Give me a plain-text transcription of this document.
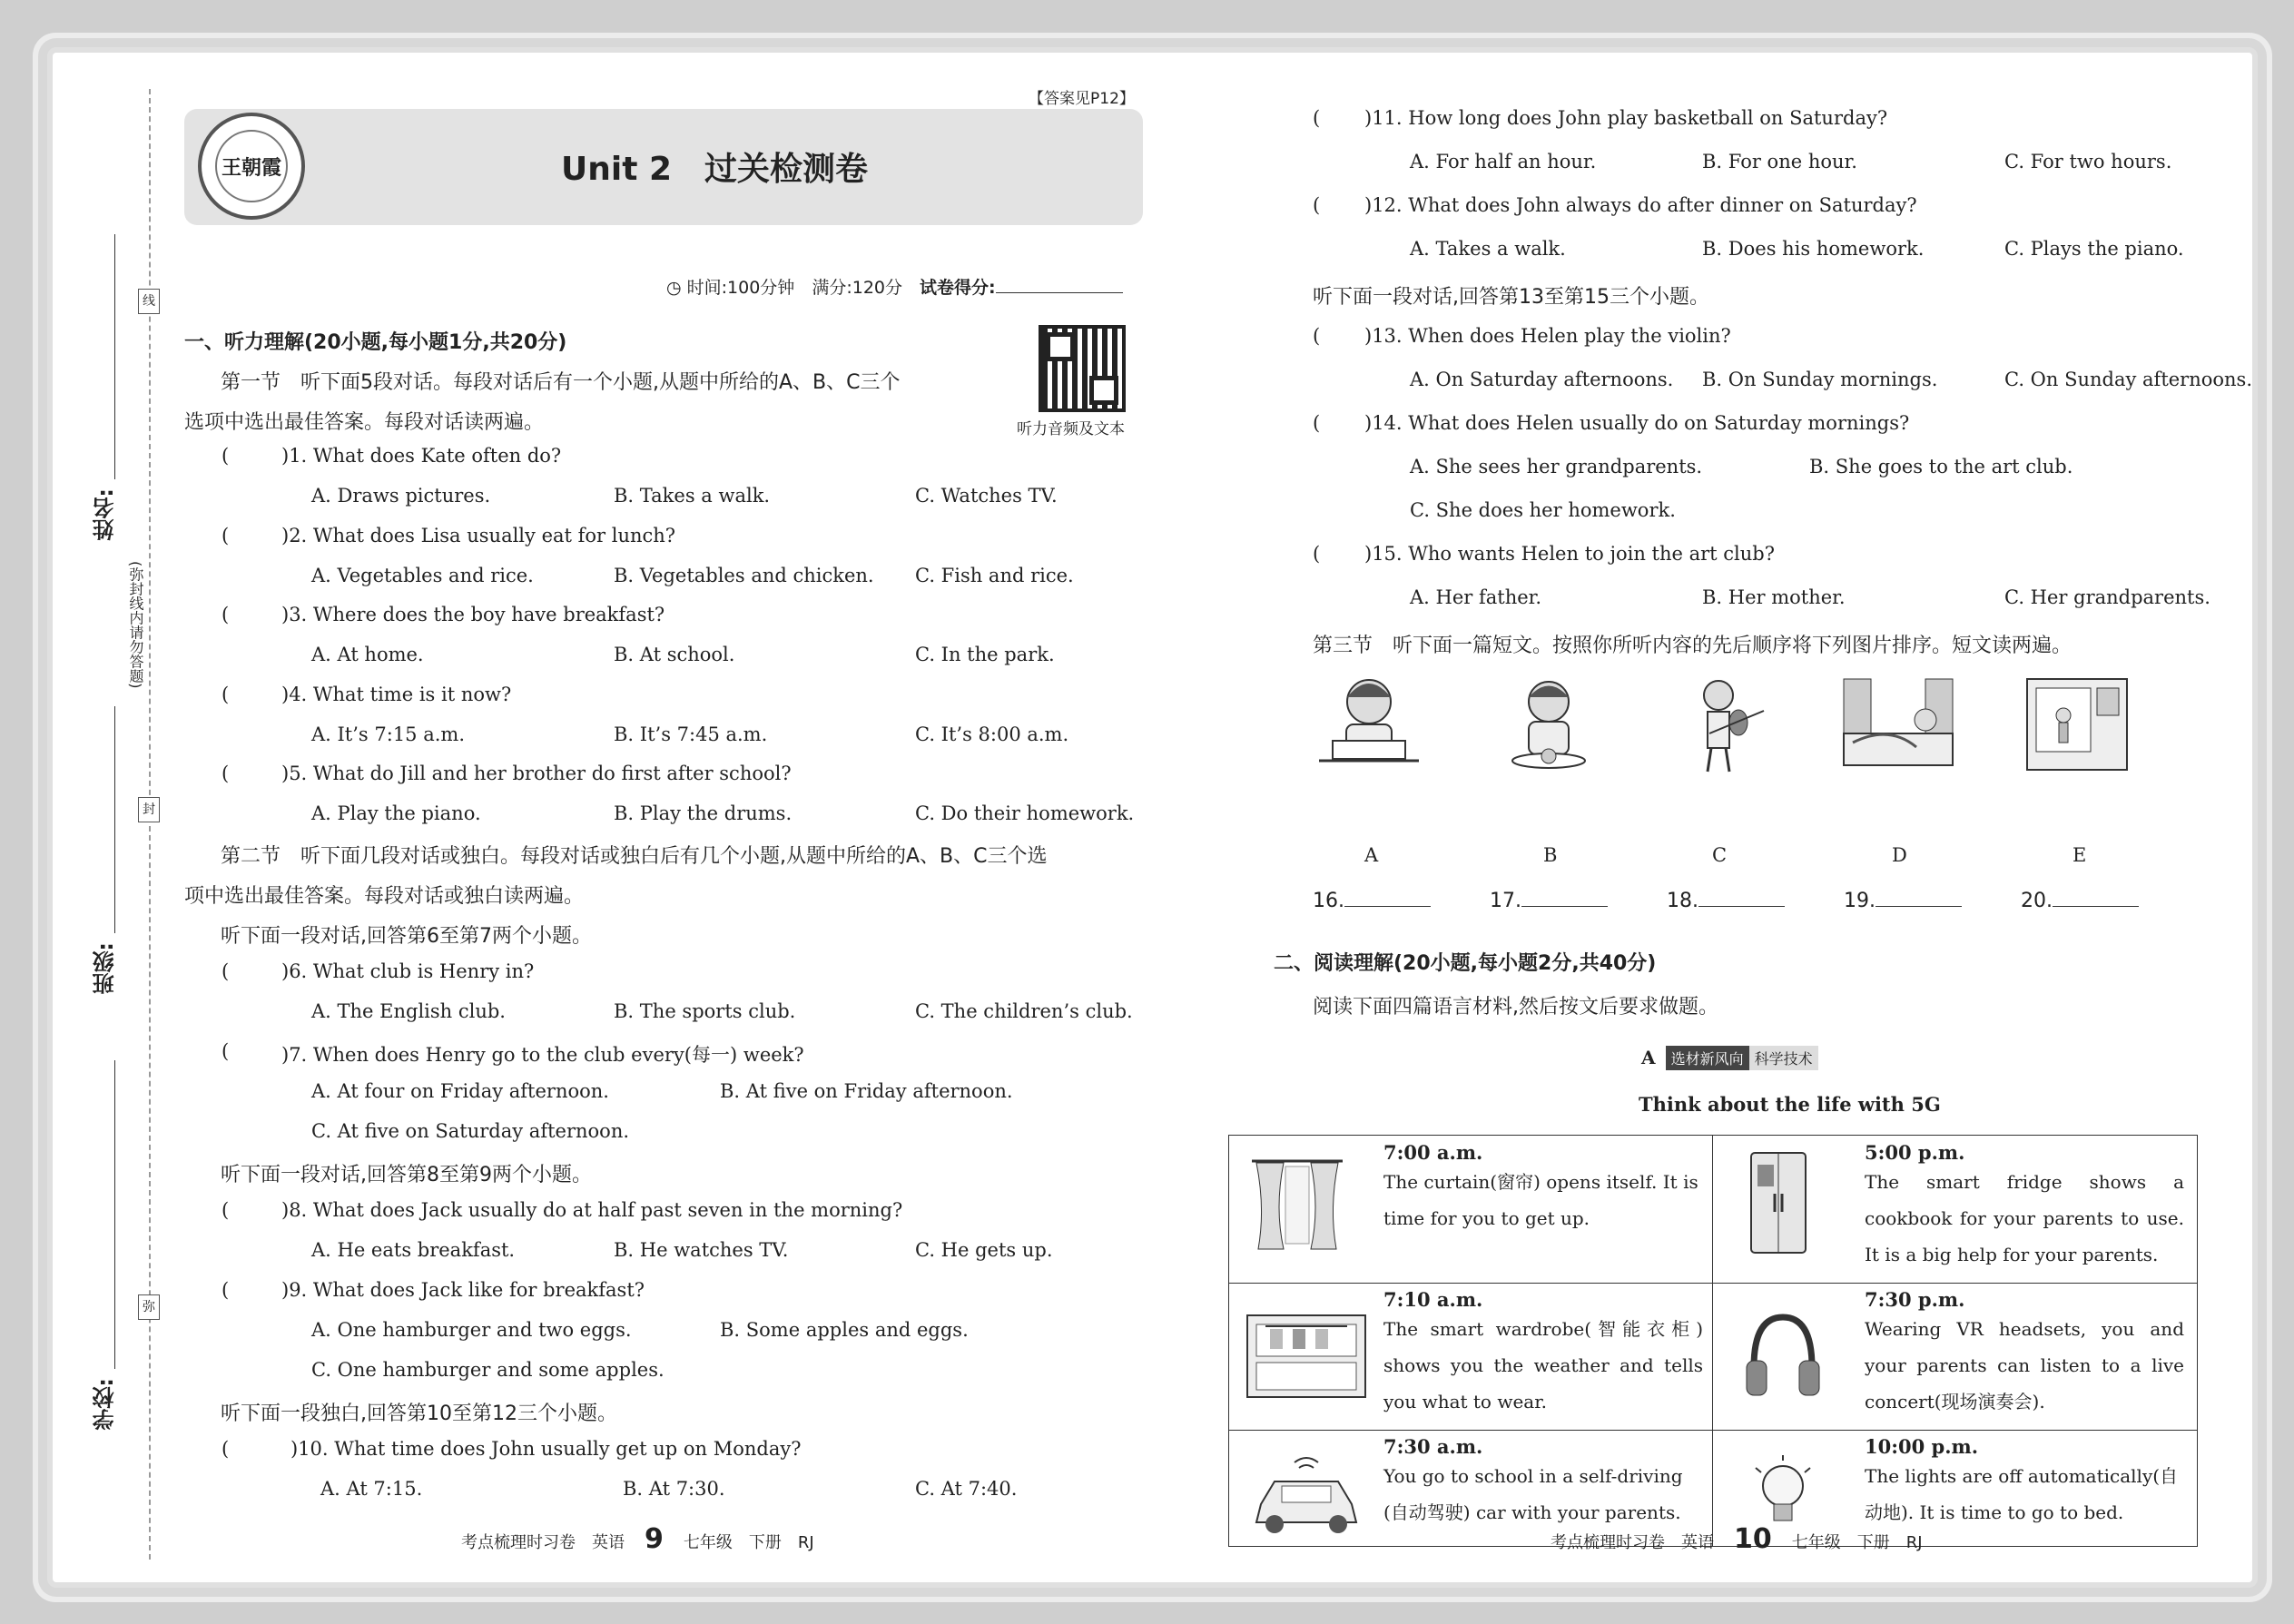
线
封
弥
(弥封线内请勿答题)
姓名:
班级:
学校:
【答案见P12】
王朝霞	Unit 2　过关检测卷
◷ 时间:100分钟　 满分:120分　 试卷得分:
一、听力理解(20小题,每小题1分,共20分)
听力音频及文本
第一节　听下面5段对话。每段对话后有一个小题,从题中所给的A、B、C三个
选项中选出最佳答案。每段对话读两遍。
(	)1. What does Kate often do?
A. Draws pictures.	B. Takes a walk.	C. Watches TV.
(	)2. What does Lisa usually eat for lunch?
A. Vegetables and rice.	B. Vegetables and chicken. C. Fish and rice.
(	)3. Where does the boy have breakfast?
A. At home.	B. At school.	C. In the park.
(	)4. What time is it now?
A. It’s 7:15 a.m.	B. It’s 7:45 a.m.	C. It’s 8:00 a.m.
(	)5. What do Jill and her brother do first after school?
A. Play the piano.	B. Play the drums.	C. Do their homework.
第二节　听下面几段对话或独白。每段对话或独白后有几个小题,从题中所给的A、B、C三个选
项中选出最佳答案。每段对话或独白读两遍。
听下面一段对话,回答第6至第7两个小题。
(	)6. What club is Henry in?
A. The English club.	B. The sports club.	C. The children’s club.
(	)7. When does Henry go to the club every(每一) week?
A. At four on Friday afternoon.	B. At five on Friday afternoon.
C. At five on Saturday afternoon.
听下面一段对话,回答第8至第9两个小题。
(	)8. What does Jack usually do at half past seven in the morning?
A. He eats breakfast.	B. He watches TV.	C. He gets up.
(	)9. What does Jack like for breakfast?
A. One hamburger and two eggs.	B. Some apples and eggs.
C. One hamburger and some apples.
听下面一段独白,回答第10至第12三个小题。
(	)10. What time does John usually get up on Monday?
A. At 7:15.	B. At 7:30.	C. At 7:40.
考点梳理时习卷　英语 9 七年级　下册　RJ
( )11. How long does John play basketball on Saturday?
A. For half an hour.	B. For one hour.	C. For two hours.
( )12. What does John always do after dinner on Saturday?
A. Takes a walk.	B. Does his homework.	C. Plays the piano.
听下面一段对话,回答第13至第15三个小题。
( )13. When does Helen play the violin?
A. On Saturday afternoons. B. On Sunday mornings.	C. On Sunday afternoons.
( )14. What does Helen usually do on Saturday mornings?
A. She sees her grandparents.	B. She goes to the art club.
C. She does her homework.
( )15. Who wants Helen to join the art club?
A. Her father.	B. Her mother.	C. Her grandparents.
第三节　听下面一篇短文。按照你所听内容的先后顺序将下列图片排序。短文读两遍。
A	B	C	D	E
16.	17.	18.	19.	20.
二、阅读理解(20小题,每小题2分,共40分)
阅读下面四篇语言材料,然后按文后要求做题。
A 选材新风向 科学技术
Think about the life with 5G
7:00 a.m.
The curtain(窗帘) opens itself. It is time for you to get up.
5:00 p.m.
The smart fridge shows a cookbook for your parents to use. It is a big help for your parents.
7:10 a.m.
The smart wardrobe(智能衣柜) shows you the weather and tells you what to wear.
7:30 p.m.
Wearing VR headsets, you and your parents can listen to a live concert(现场演奏会).
7:30 a.m.
You go to school in a self-driving (自动驾驶) car with your parents.
10:00 p.m.
The lights are off automatically(自动地). It is time to go to bed.
考点梳理时习卷　英语 10 七年级　下册　RJ
